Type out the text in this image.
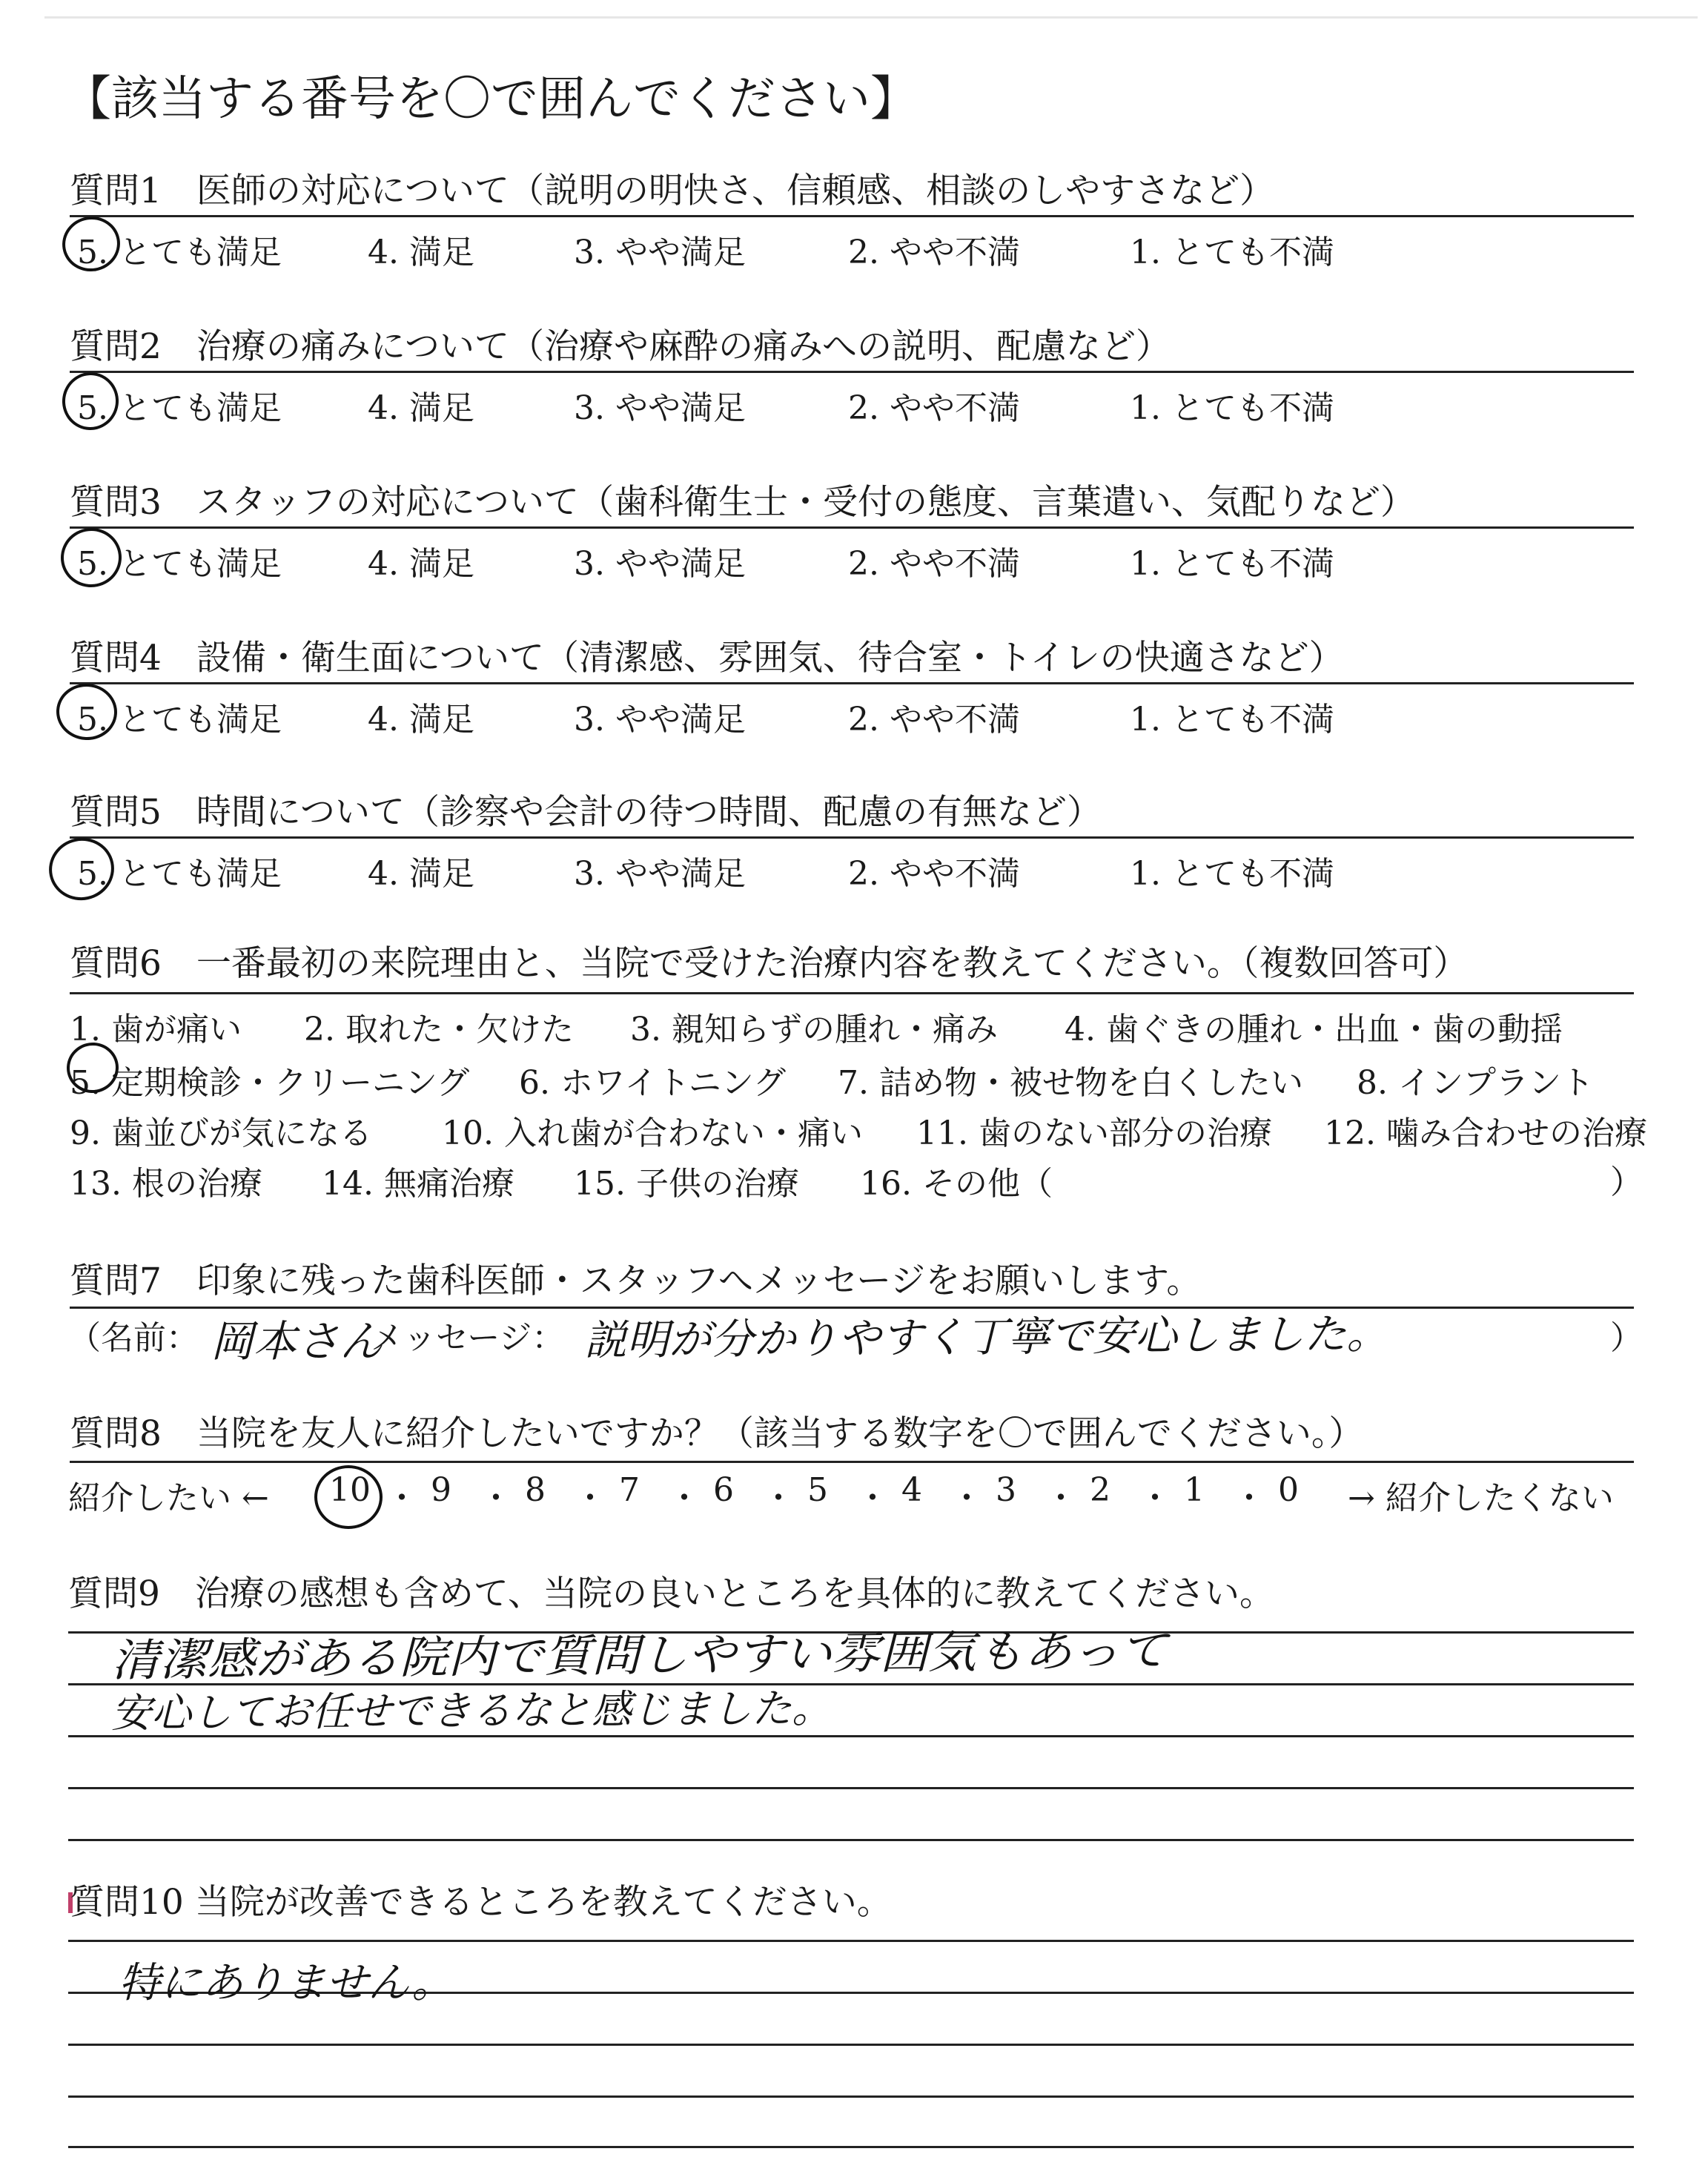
【該当する番号を〇で囲んでください】
質問1　医師の対応について（説明の明快さ、信頼感、相談のしやすさなど）
5. とても満足	4. 満足	3. やや満足	2. やや不満	1. とても不満
質問2　治療の痛みについて（治療や麻酔の痛みへの説明、配慮など）
5. とても満足	4. 満足	3. やや満足	2. やや不満	1. とても不満
質問3　スタッフの対応について（歯科衛生士・受付の態度、言葉遣い、気配りなど）
5. とても満足	4. 満足	3. やや満足	2. やや不満	1. とても不満
質問4　設備・衛生面について（清潔感、雰囲気、待合室・トイレの快適さなど）
5. とても満足	4. 満足	3. やや満足	2. やや不満	1. とても不満
質問5　時間について（診察や会計の待つ時間、配慮の有無など）
5. とても満足	4. 満足	3. やや満足	2. やや不満	1. とても不満
質問6　一番最初の来院理由と、当院で受けた治療内容を教えてください。（複数回答可）
1. 歯が痛い 2. 取れた・欠けた 3. 親知らずの腫れ・痛み 4. 歯ぐきの腫れ・出血・歯の動揺
5. 定期検診・クリーニング 6. ホワイトニング 7. 詰め物・被せ物を白くしたい 8. インプラント
9. 歯並びが気になる 10. 入れ歯が合わない・痛い 11. 歯のない部分の治療 12. 噛み合わせの治療
13. 根の治療 14. 無痛治療 15. 子供の治療 16. その他（	）
質問7　印象に残った歯科医師・スタッフへメッセージをお願いします。
（名前： 岡本さん
メッセージ： 説明が分かりやすく丁寧で安心しました。	）
質問8　当院を友人に紹介したいですか？（該当する数字を〇で囲んでください。）
紹介したい ← 10 ・ 9 ・ 8 ・ 7 ・ 6 ・ 5 ・ 4 ・ 3 ・ 2 ・ 1 ・ 0 → 紹介したくない
質問9　治療の感想も含めて、当院の良いところを具体的に教えてください。
清潔感がある院内で質問しやすい雰囲気もあって
安心してお任せできるなと感じました。
質問10 当院が改善できるところを教えてください。
特にありません。
